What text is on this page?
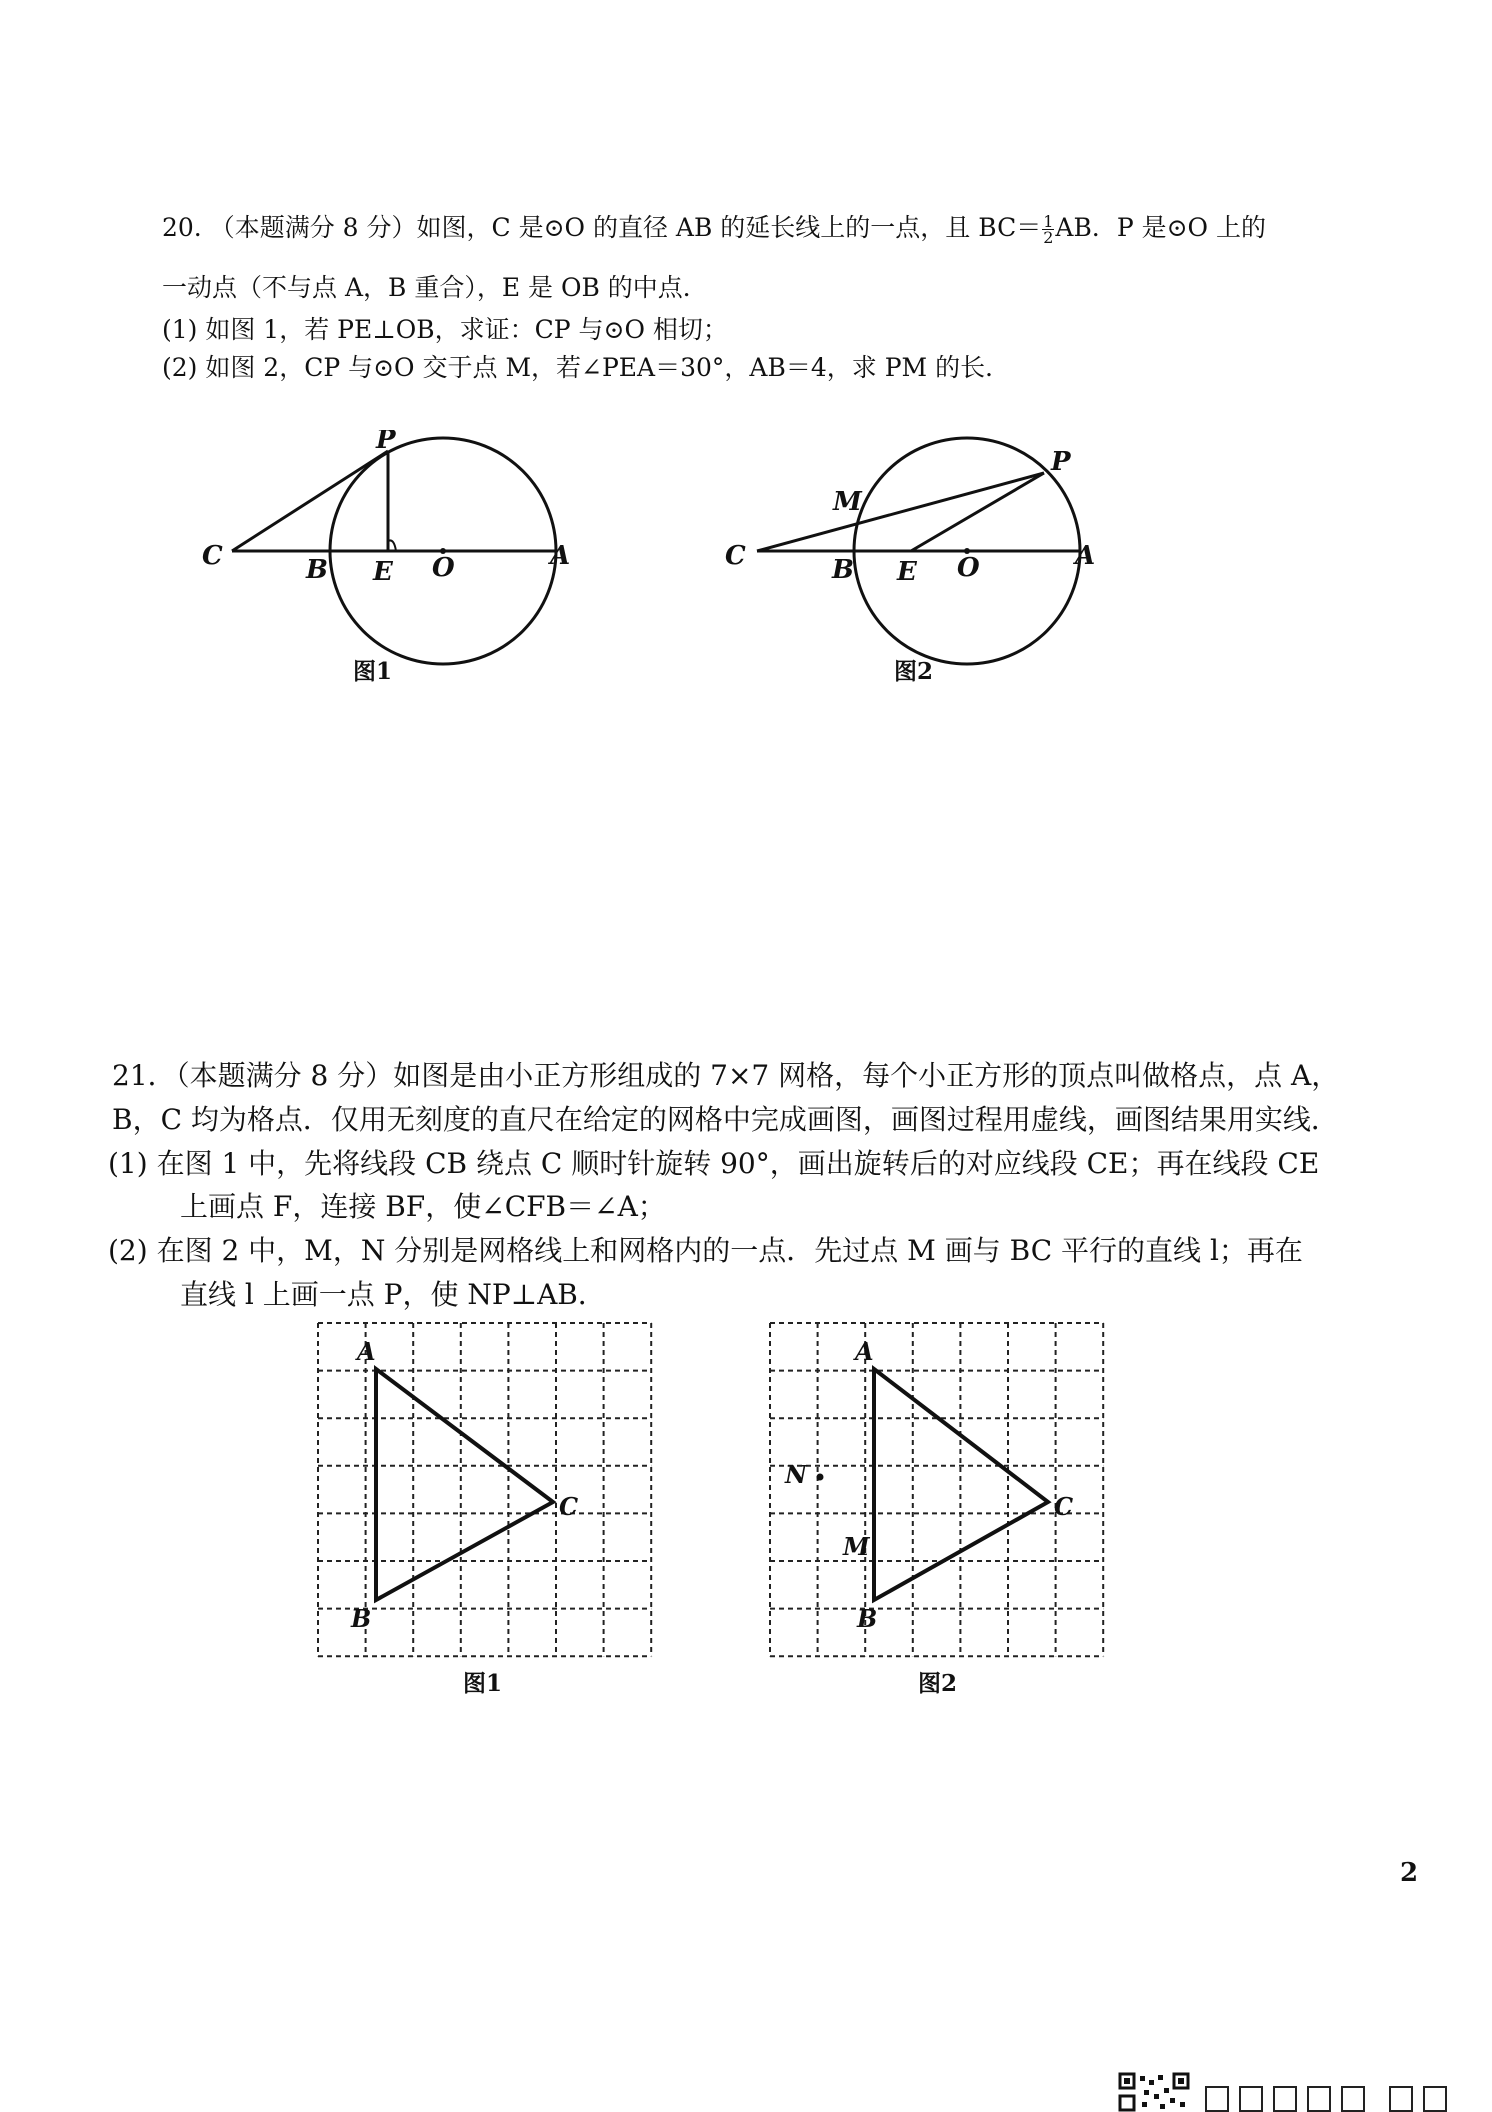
20. （本题满分 8 分）如图，C 是⊙O 的直径 AB 的延长线上的一点，且 $BC= \frac{1}{2}$ AB．P 是⊙O 上的
一动点（不与点 A，B 重合），E 是 OB 的中点．
(1) 如图 1，若 PE⊥OB，求证：CP 与⊙O 相切；
(2) 如图 2，CP 与⊙O 交于点 M，若∠PEA＝30°，AB＝4，求 PM 的长．
P
C	B E O	A
图1
P
M
C	B E O	A
图2
21．（本题满分 8 分）如图是由小正方形组成的 7×7 网格，每个小正方形的顶点叫做格点，点 A，
B，C 均为格点．仅用无刻度的直尺在给定的网格中完成画图，画图过程用虚线，画图结果用实线．
(1) 在图 1 中，先将线段 CB 绕点 C 顺时针旋转 90°，画出旋转后的对应线段 CE；再在线段 CE
上画点 F，连接 BF，使∠CFB＝∠A；
(2) 在图 2 中，M，N 分别是网格线上和网格内的一点．先过点 M 画与 BC 平行的直线 l；再在
直线 l 上画一点 P，使 NP⊥AB．
A
B
C
图1
A
B
C
M
N
图2
2
